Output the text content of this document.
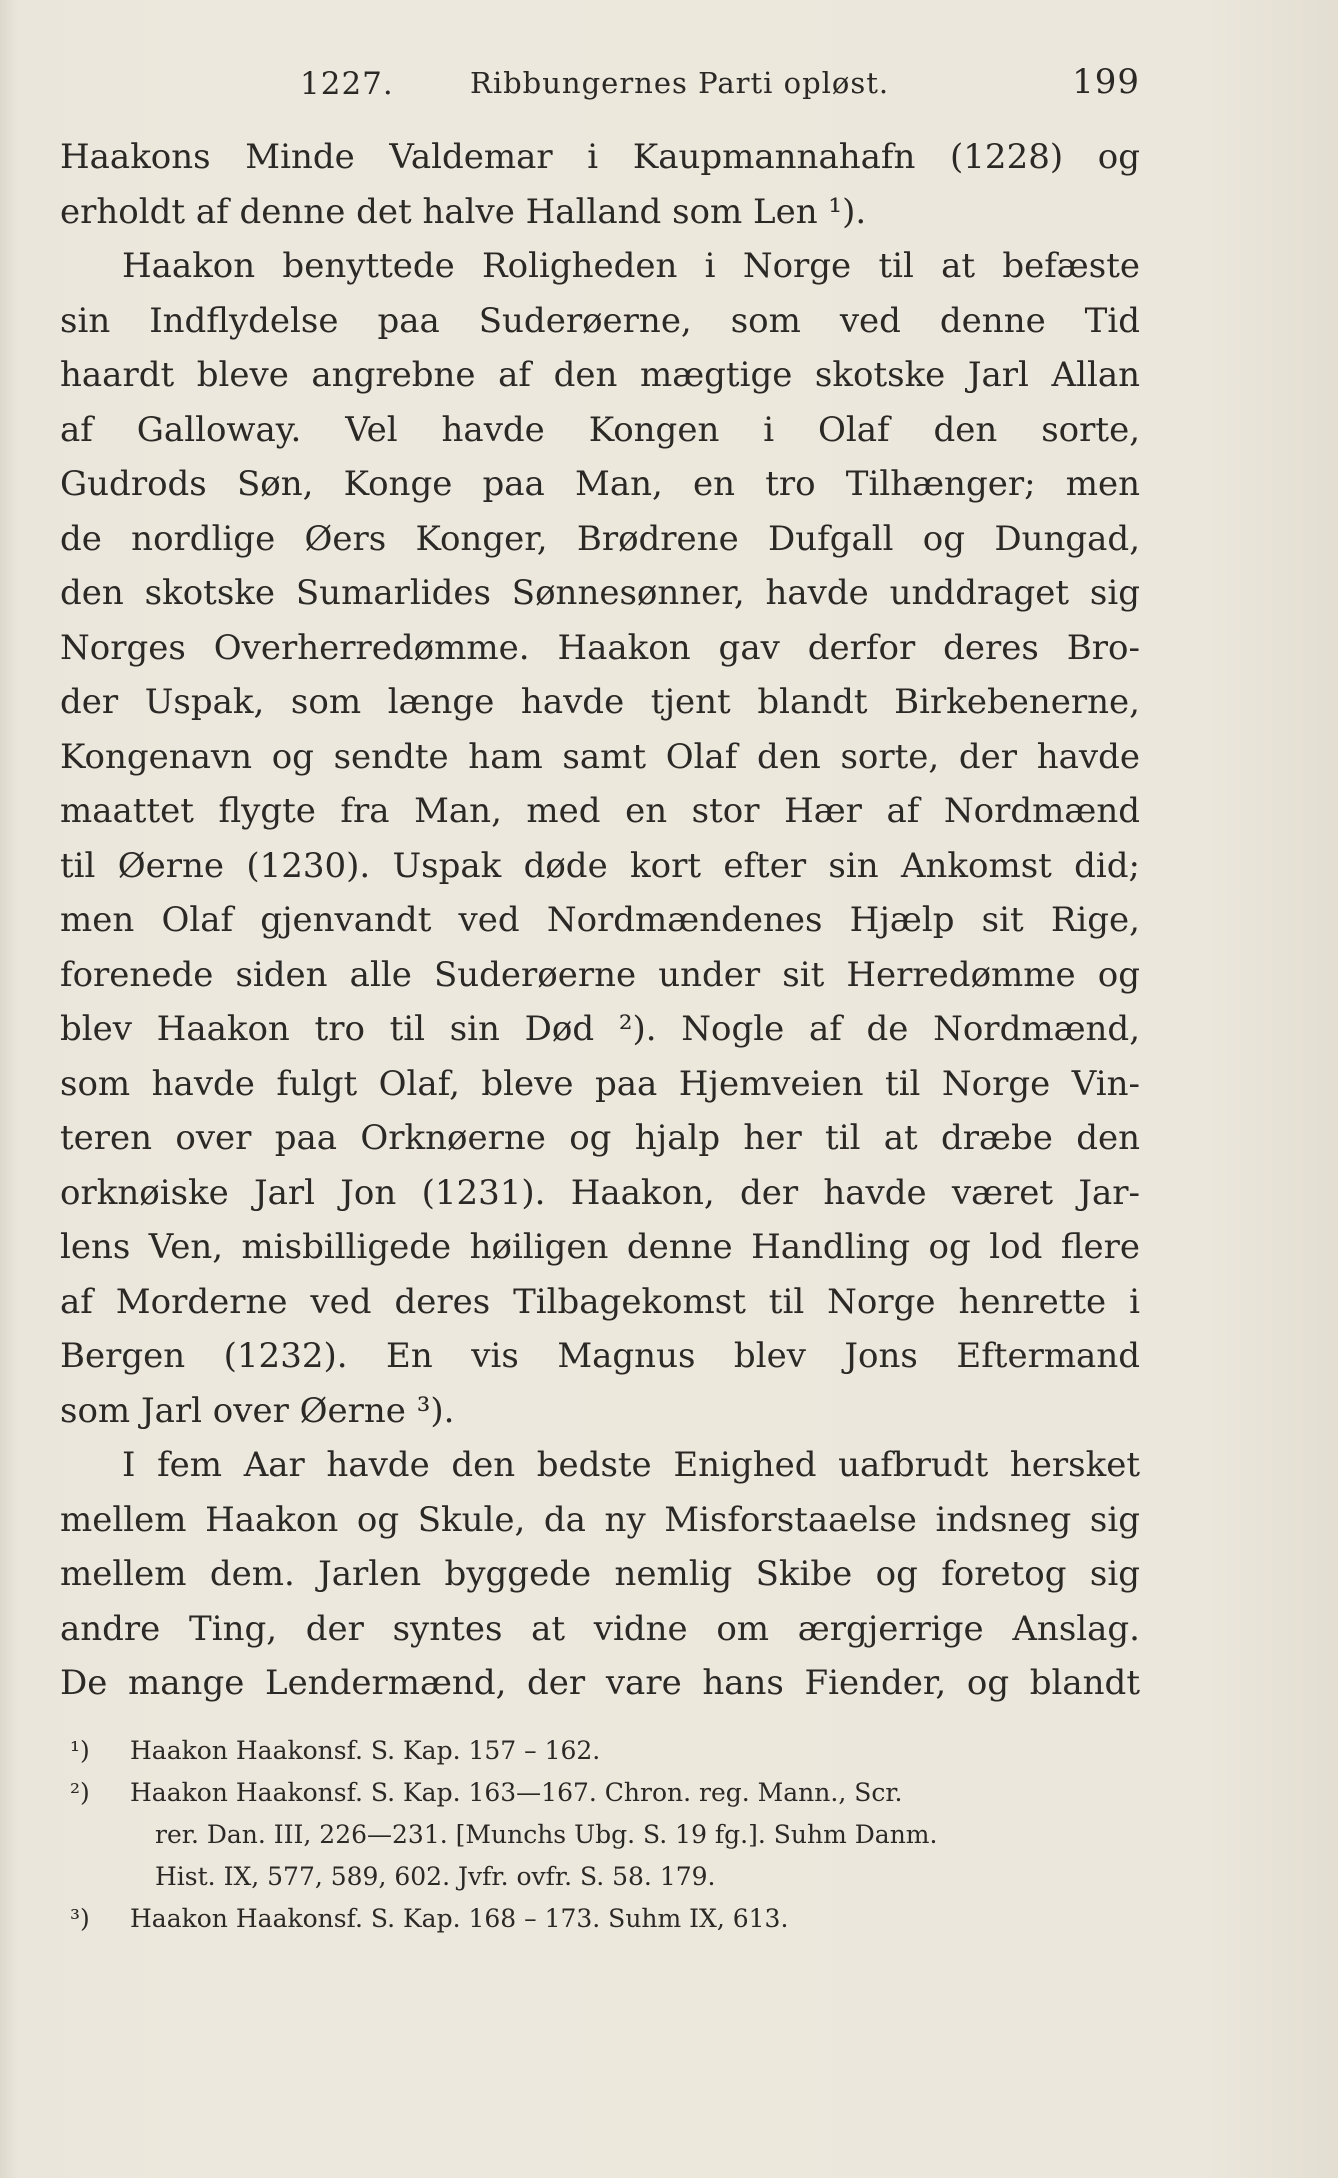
1227.	Ribbungernes Parti opløst.	199
Haakons Minde Valdemar i Kaupmannahafn (1228) og
erholdt af denne det halve Halland som Len ¹).
Haakon benyttede Roligheden i Norge til at befæste
sin Indflydelse paa Suderøerne, som ved denne Tid
haardt bleve angrebne af den mægtige skotske Jarl Allan
af Galloway. Vel havde Kongen i Olaf den sorte,
Gudrods Søn, Konge paa Man, en tro Tilhænger; men
de nordlige Øers Konger, Brødrene Dufgall og Dungad,
den skotske Sumarlides Sønnesønner, havde unddraget sig
Norges Overherredømme. Haakon gav derfor deres Bro-
der Uspak, som længe havde tjent blandt Birkebenerne,
Kongenavn og sendte ham samt Olaf den sorte, der havde
maattet flygte fra Man, med en stor Hær af Nordmænd
til Øerne (1230). Uspak døde kort efter sin Ankomst did;
men Olaf gjenvandt ved Nordmændenes Hjælp sit Rige,
forenede siden alle Suderøerne under sit Herredømme og
blev Haakon tro til sin Død ²). Nogle af de Nordmænd,
som havde fulgt Olaf, bleve paa Hjemveien til Norge Vin-
teren over paa Orknøerne og hjalp her til at dræbe den
orknøiske Jarl Jon (1231). Haakon, der havde været Jar-
lens Ven, misbilligede høiligen denne Handling og lod flere
af Morderne ved deres Tilbagekomst til Norge henrette i
Bergen (1232). En vis Magnus blev Jons Eftermand
som Jarl over Øerne ³).
I fem Aar havde den bedste Enighed uafbrudt hersket
mellem Haakon og Skule, da ny Misforstaaelse indsneg sig
mellem dem. Jarlen byggede nemlig Skibe og foretog sig
andre Ting, der syntes at vidne om ærgjerrige Anslag.
De mange Lendermænd, der vare hans Fiender, og blandt
¹) Haakon Haakonsf. S. Kap. 157 – 162.
²) Haakon Haakonsf. S. Kap. 163—167. Chron. reg. Mann., Scr.
rer. Dan. III, 226—231. [Munchs Ubg. S. 19 fg.]. Suhm Danm.
Hist. IX, 577, 589, 602. Jvfr. ovfr. S. 58. 179.
³) Haakon Haakonsf. S. Kap. 168 – 173. Suhm IX, 613.
